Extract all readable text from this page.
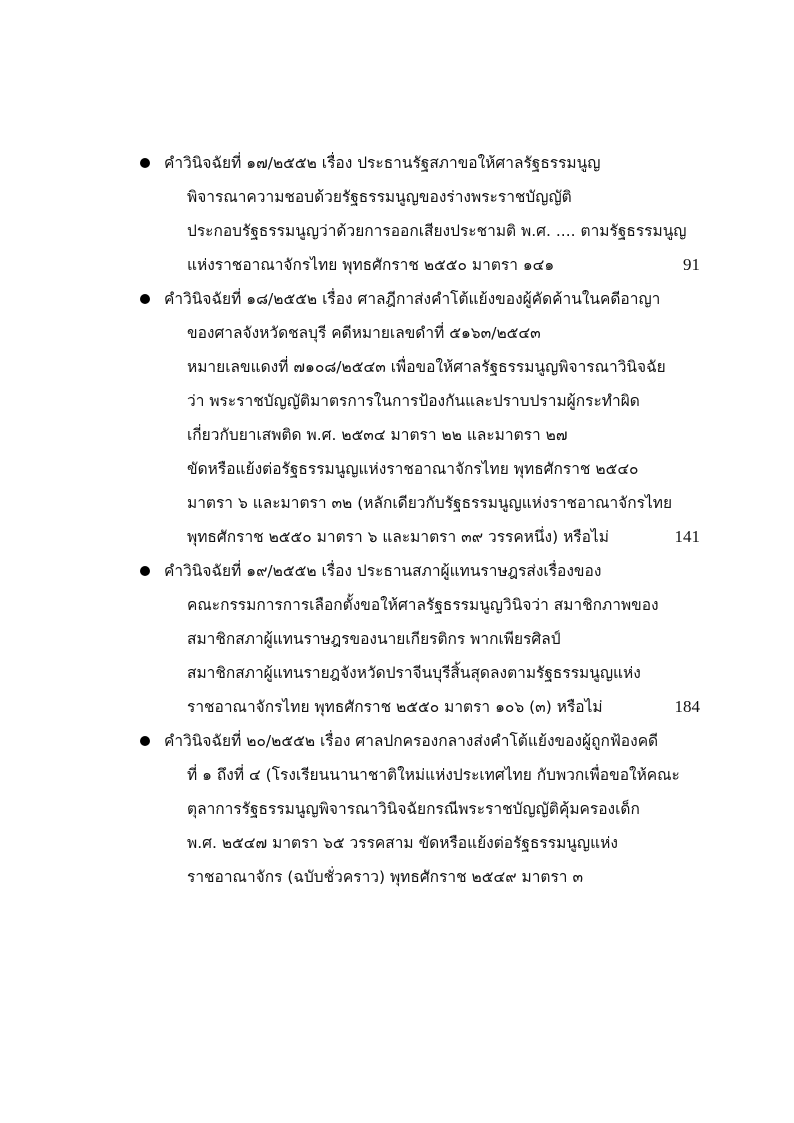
คำวินิจฉัยที่ ๑๗/๒๕๕๒ เรื่อง ประธานรัฐสภาขอให้ศาลรัฐธรรมนูญ
พิจารณาความชอบด้วยรัฐธรรมนูญของร่างพระราชบัญญัติ
ประกอบรัฐธรรมนูญว่าด้วยการออกเสียงประชามติ พ.ศ. .... ตามรัฐธรรมนูญ
แห่งราชอาณาจักรไทย พุทธศักราช ๒๕๕๐ มาตรา ๑๔๑	91
คำวินิจฉัยที่ ๑๘/๒๕๕๒ เรื่อง ศาลฎีกาส่งคำโต้แย้งของผู้คัดค้านในคดีอาญา
ของศาลจังหวัดชลบุรี คดีหมายเลขดำที่ ๕๑๖๓/๒๕๔๓
หมายเลขแดงที่ ๗๑๐๘/๒๕๔๓ เพื่อขอให้ศาลรัฐธรรมนูญพิจารณาวินิจฉัย
ว่า พระราชบัญญัติมาตรการในการป้องกันและปราบปรามผู้กระทำผิด
เกี่ยวกับยาเสพติด พ.ศ. ๒๕๓๔ มาตรา ๒๒ และมาตรา ๒๗
ขัดหรือแย้งต่อรัฐธรรมนูญแห่งราชอาณาจักรไทย พุทธศักราช ๒๕๔๐
มาตรา ๖ และมาตรา ๓๒ (หลักเดียวกับรัฐธรรมนูญแห่งราชอาณาจักรไทย
พุทธศักราช ๒๕๕๐ มาตรา ๖ และมาตรา ๓๙ วรรคหนึ่ง) หรือไม่	141
คำวินิจฉัยที่ ๑๙/๒๕๕๒ เรื่อง ประธานสภาผู้แทนราษฎรส่งเรื่องของ
คณะกรรมการการเลือกตั้งขอให้ศาลรัฐธรรมนูญวินิจว่า สมาชิกภาพของ
สมาชิกสภาผู้แทนราษฎรของนายเกียรติกร พากเพียรศิลป์
สมาชิกสภาผู้แทนรายฎจังหวัดปราจีนบุรีสิ้นสุดลงตามรัฐธรรมนูญแห่ง
ราชอาณาจักรไทย พุทธศักราช ๒๕๕๐ มาตรา ๑๐๖ (๓) หรือไม่	184
คำวินิจฉัยที่ ๒๐/๒๕๕๒ เรื่อง ศาลปกครองกลางส่งคำโต้แย้งของผู้ถูกฟ้องคดี
ที่ ๑ ถึงที่ ๔ (โรงเรียนนานาชาติใหม่แห่งประเทศไทย กับพวกเพื่อขอให้คณะ
ตุลาการรัฐธรรมนูญพิจารณาวินิจฉัยกรณีพระราชบัญญัติคุ้มครองเด็ก
พ.ศ. ๒๕๔๗ มาตรา ๖๕ วรรคสาม ขัดหรือแย้งต่อรัฐธรรมนูญแห่ง
ราชอาณาจักร (ฉบับชั่วคราว) พุทธศักราช ๒๕๔๙ มาตรา ๓
